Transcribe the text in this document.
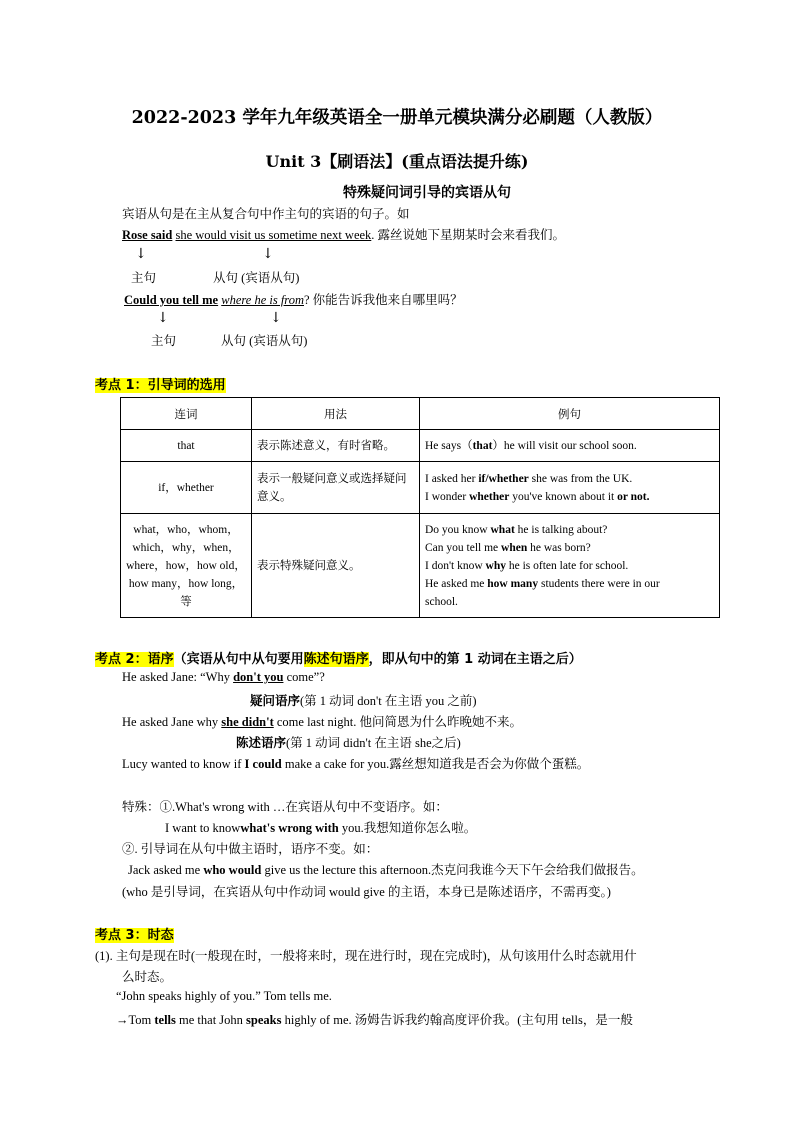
2022-2023 学年九年级英语全一册单元模块满分必刷题（人教版）
Unit 3【刷语法】(重点语法提升练)
特殊疑问词引导的宾语从句
宾语从句是在主从复合句中作主句的宾语的句子。如
Rose said she would visit us sometime next week. 露丝说她下星期某时会来看我们。
↓	↓
主句	从句 (宾语从句)
Could you tell me where he is from? 你能告诉我他来自哪里吗？
↓	↓
主句	从句 (宾语从句)
考点 1：引导词的选用
连词	用法	例句
that	表示陈述意义，有时省略。	He says（that）he will visit our school soon.
if，whether	表示一般疑问意义或选择疑问意义。	I asked her if/whether she was from the UK.
I wonder whether you've known about it or not.

what，who，whom，which，why，when，where，how，how old，how many，how long，等	表示特殊疑问意义。	Do you know what he is talking about?
Can you tell me when he was born?
I don't know why he is often late for school.
He asked me how many students there were in our
school.
考点 2：语序（宾语从句中从句要用陈述句语序，即从句中的第 1 动词在主语之后）
He asked Jane: “Why don't you come”?
疑问语序(第 1 动词 don't 在主语 you 之前)
He asked Jane why she didn't come last night. 他问简恩为什么昨晚她不来。
陈述语序(第 1 动词 didn't 在主语 she之后)
Lucy wanted to know if I could make a cake for you.露丝想知道我是否会为你做个蛋糕。
特殊：①.What's wrong with …在宾语从句中不变语序。如：
I want to knowwhat's wrong with you.我想知道你怎么啦。
②. 引导词在从句中做主语时，语序不变。如：
Jack asked me who would give us the lecture this afternoon.杰克问我谁今天下午会给我们做报告。
(who 是引导词，在宾语从句中作动词 would give 的主语，本身已是陈述语序，不需再变。)
考点 3：时态
(1). 主句是现在时(一般现在时，一般将来时，现在进行时，现在完成时)，从句该用什么时态就用什
么时态。
“John speaks highly of you.” Tom tells me.
→Tom tells me that John speaks highly of me. 汤姆告诉我约翰高度评价我。(主句用 tells，是一般
